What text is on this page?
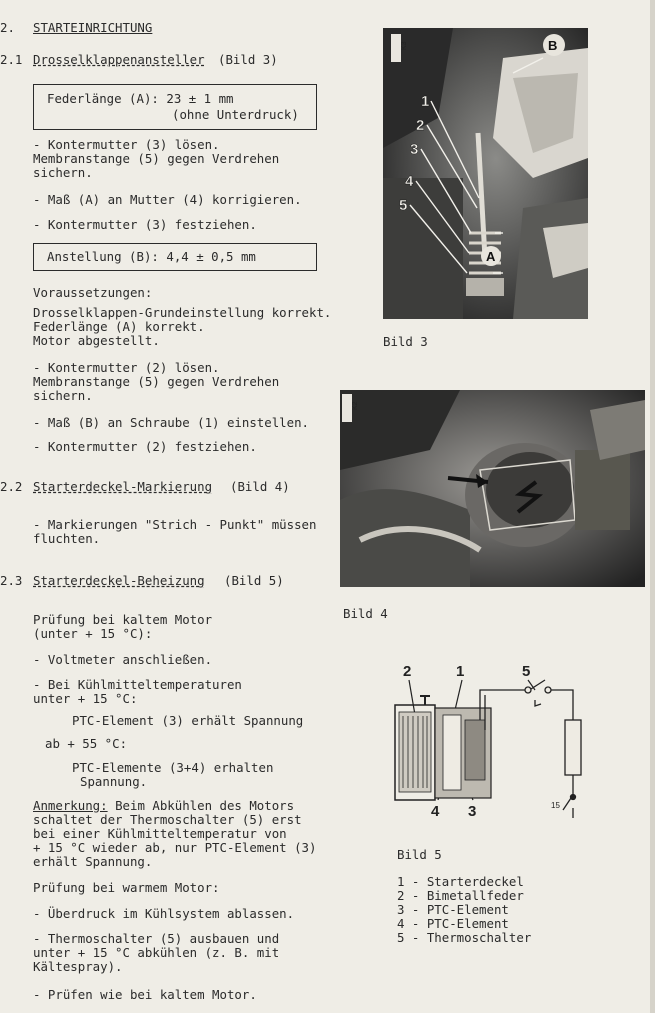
2. STARTEINRICHTUNG
2.1 Drosselklappenansteller (Bild 3)
Federlänge (A): 23 ± 1 mm
(ohne Unterdruck)
- Kontermutter (3) lösen.
Membranstange (5) gegen Verdrehen
sichern.
- Maß (A) an Mutter (4) korrigieren.
- Kontermutter (3) festziehen.
Anstellung (B): 4,4 ± 0,5 mm
Voraussetzungen:
Drosselklappen-Grundeinstellung korrekt.
Federlänge (A) korrekt.
Motor abgestellt.
- Kontermutter (2) lösen.
Membranstange (5) gegen Verdrehen
sichern.
- Maß (B) an Schraube (1) einstellen.
- Kontermutter (2) festziehen.
2.2 Starterdeckel-Markierung (Bild 4)
- Markierungen "Strich - Punkt" müssen
fluchten.
2.3 Starterdeckel-Beheizung (Bild 5)
Prüfung bei kaltem Motor
(unter + 15 °C):
- Voltmeter anschließen.
- Bei Kühlmitteltemperaturen
unter + 15 °C:
PTC-Element (3) erhält Spannung
ab + 55 °C:
PTC-Elemente (3+4) erhalten
Spannung.
Anmerkung: Beim Abkühlen des Motors
schaltet der Thermoschalter (5) erst
bei einer Kühlmitteltemperatur von
+ 15 °C wieder ab, nur PTC-Element (3)
erhält Spannung.
Prüfung bei warmem Motor:
- Überdruck im Kühlsystem ablassen.
- Thermoschalter (5) ausbauen und
unter + 15 °C abkühlen (z. B. mit
Kältespray).
- Prüfen wie bei kaltem Motor.
K3
1
2
3
4
5
A
B
Bild 3
K2
Bild 4
2	1	5
4 3	15
Bild 5
1 - Starterdeckel
2 - Bimetallfeder
3 - PTC-Element
4 - PTC-Element
5 - Thermoschalter
